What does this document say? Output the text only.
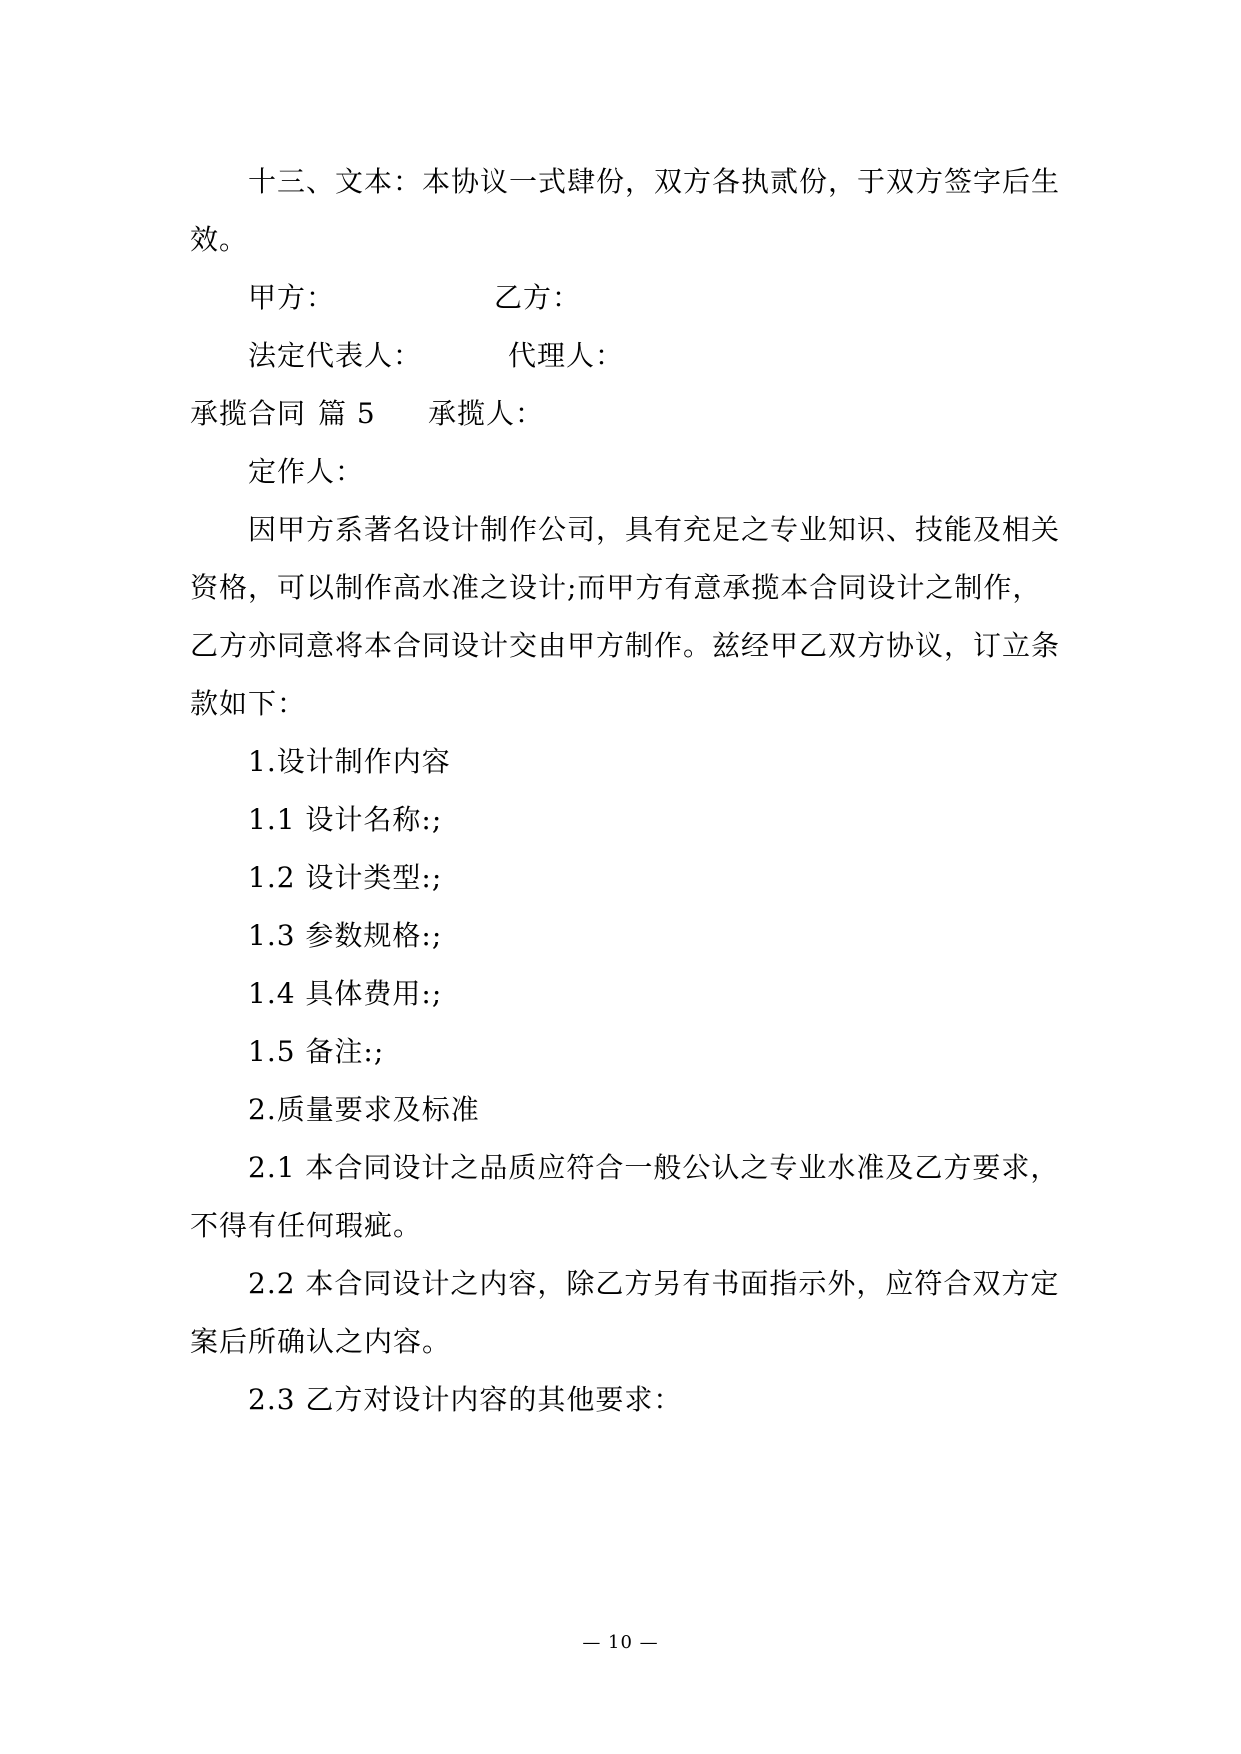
十三、文本：本协议一式肆份，双方各执贰份，于双方签字后生
效。
甲方：	乙方：
法定代表人：	代理人：
承揽合同 篇 5 承揽人：
定作人：
因甲方系著名设计制作公司，具有充足之专业知识、技能及相关
资格，可以制作高水准之设计;而甲方有意承揽本合同设计之制作，
乙方亦同意将本合同设计交由甲方制作。兹经甲乙双方协议，订立条
款如下：
1.设计制作内容
1.1 设计名称:;
1.2 设计类型:;
1.3 参数规格:;
1.4 具体费用:;
1.5 备注:;
2.质量要求及标准
2.1 本合同设计之品质应符合一般公认之专业水准及乙方要求，
不得有任何瑕疵。
2.2 本合同设计之内容，除乙方另有书面指示外，应符合双方定
案后所确认之内容。
2.3 乙方对设计内容的其他要求：
— 10 —
